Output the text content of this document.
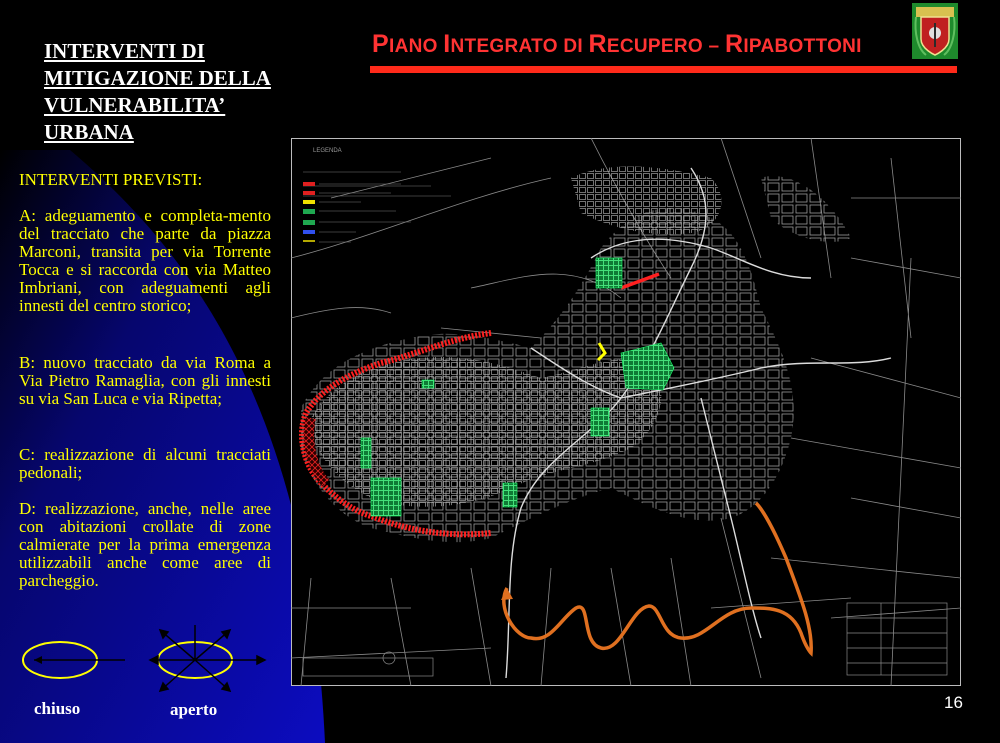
INTERVENTI DI
MITIGAZIONE DELLA
VULNERABILITA’
URBANA
INTERVENTI PREVISTI:
A: adeguamento e completa-mento del tracciato che parte da piazza Marconi, transita per via Torrente Tocca e si raccorda con via Matteo Imbriani, con adeguamenti agli innesti del centro storico;
B: nuovo tracciato da via Roma a Via Pietro Ramaglia, con gli innesti su via San Luca e via Ripetta;
C: realizzazione di alcuni tracciati pedonali;
D: realizzazione, anche, nelle aree con abitazioni crollate di zone calmierate per la prima emergenza utilizzabili anche come aree di parcheggio.
PIANO INTEGRATO DI RECUPERO – RIPABOTTONI
LEGENDA
chiuso	aperto	16
